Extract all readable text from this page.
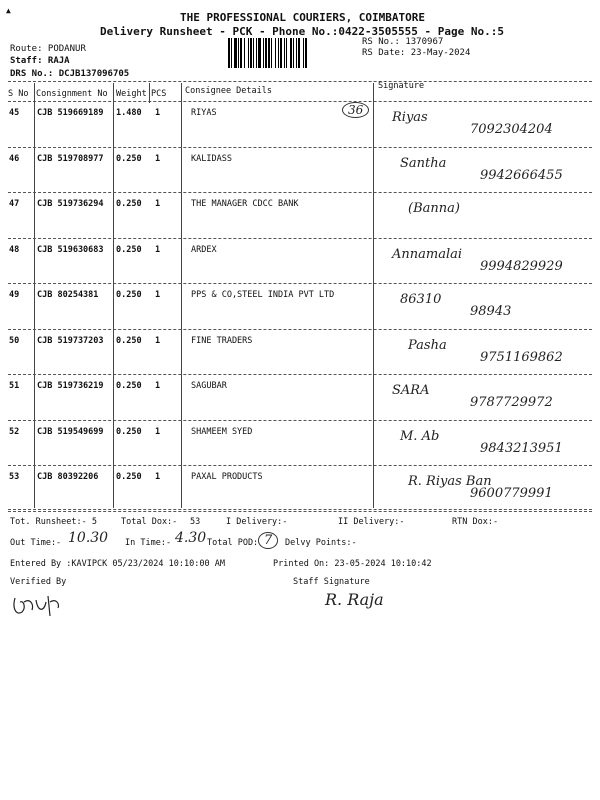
▲
THE PROFESSIONAL COURIERS, COIMBATORE
Delivery Runsheet - PCK - Phone No.:0422-3505555 - Page No.:5
Route: PODANUR
Staff: RAJA
DRS No.: DCJB137096705
RS No.: 1370967
RS Date: 23-May-2024
S No Consignment No Weight PCS Consignee Details	Signature
45 CJB 519669189 1.480 1	RIYAS	Riyas
7092304204
36
46 CJB 519708977 0.250 1	KALIDASS	Santha
9942666455
47 CJB 519736294 0.250 1	THE MANAGER CDCC BANK	(Banna)
48 CJB 519630683 0.250 1	ARDEX	Annamalai
9994829929
49 CJB 80254381 0.250 1	PPS & CO,STEEL INDIA PVT LTD	86310
98943
50 CJB 519737203 0.250 1	FINE TRADERS	Pasha
9751169862
51 CJB 519736219 0.250 1	SAGUBAR	SARA
9787729972
52 CJB 519549699 0.250 1	SHAMEEM SYED	M. Ab
9843213951
53 CJB 80392206 0.250 1	PAXAL PRODUCTS	R. Riyas Ban
9600779991
Tot. Runsheet:- 5	Total Dox:- 53	I Delivery:-	II Delivery:-	RTN Dox:-
Out Time:- 10.30 In Time:- 4.30 Total POD: 7	Delvy Points:-
Entered By :KAVIPCK 05/23/2024 10:10:00 AM	Printed On: 23-05-2024 10:10:42
Verified By	Staff Signature
R. Raja
